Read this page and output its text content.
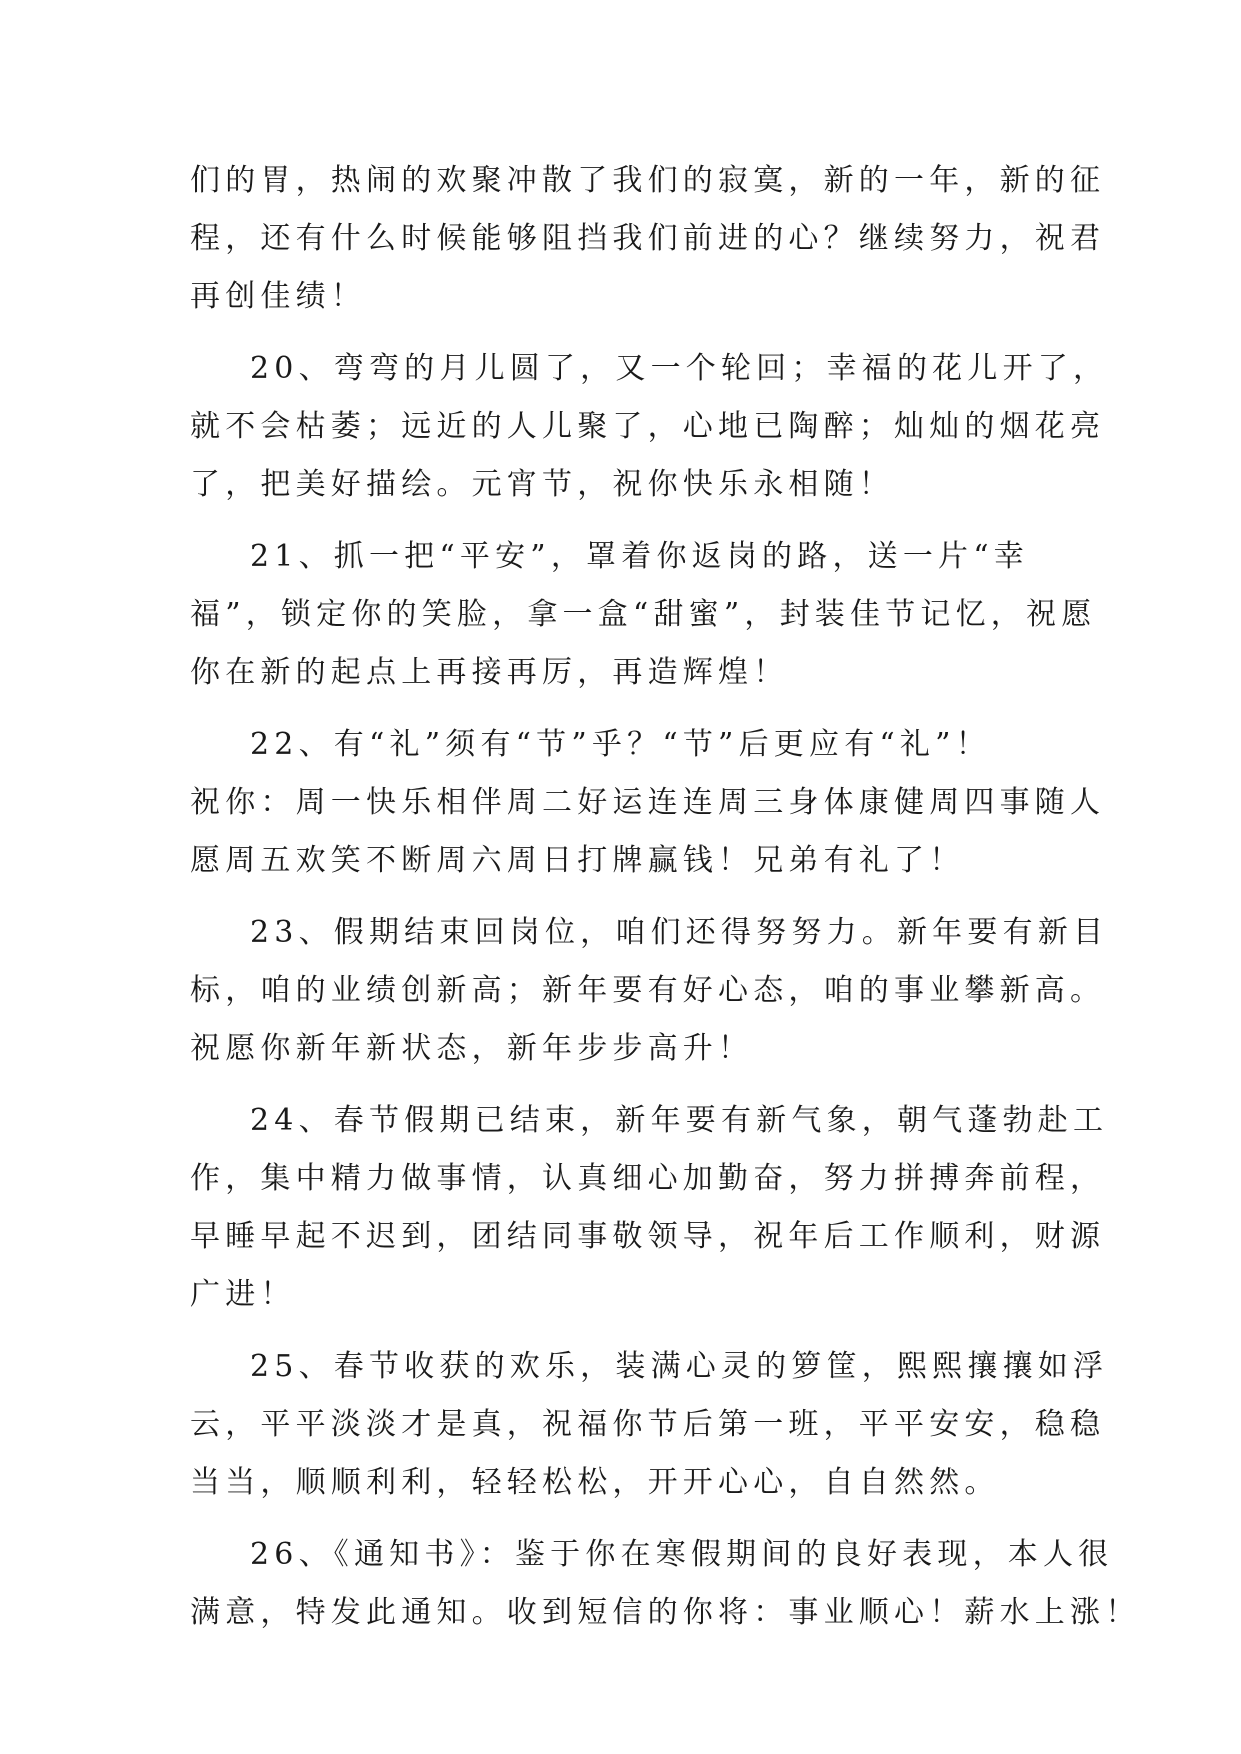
们的胃，热闹的欢聚冲散了我们的寂寞，新的一年，新的征
程，还有什么时候能够阻挡我们前进的心？继续努力，祝君
再创佳绩！
20、弯弯的月儿圆了，又一个轮回；幸福的花儿开了，
就不会枯萎；远近的人儿聚了，心地已陶醉；灿灿的烟花亮
了，把美好描绘。元宵节，祝你快乐永相随！
21、抓一把“平安”，罩着你返岗的路，送一片“幸
福”，锁定你的笑脸，拿一盒“甜蜜”，封装佳节记忆，祝愿
你在新的起点上再接再厉，再造辉煌！
22、有“礼”须有“节”乎？“节”后更应有“礼”！
祝你：周一快乐相伴周二好运连连周三身体康健周四事随人
愿周五欢笑不断周六周日打牌赢钱！兄弟有礼了！
23、假期结束回岗位，咱们还得努努力。新年要有新目
标，咱的业绩创新高；新年要有好心态，咱的事业攀新高。
祝愿你新年新状态，新年步步高升！
24、春节假期已结束，新年要有新气象，朝气蓬勃赴工
作，集中精力做事情，认真细心加勤奋，努力拼搏奔前程，
早睡早起不迟到，团结同事敬领导，祝年后工作顺利，财源
广进！
25、春节收获的欢乐，装满心灵的箩筐，熙熙攘攘如浮
云，平平淡淡才是真，祝福你节后第一班，平平安安，稳稳
当当，顺顺利利，轻轻松松，开开心心，自自然然。
26、《通知书》：鉴于你在寒假期间的良好表现，本人很
满意，特发此通知。收到短信的你将：事业顺心！薪水上涨！
